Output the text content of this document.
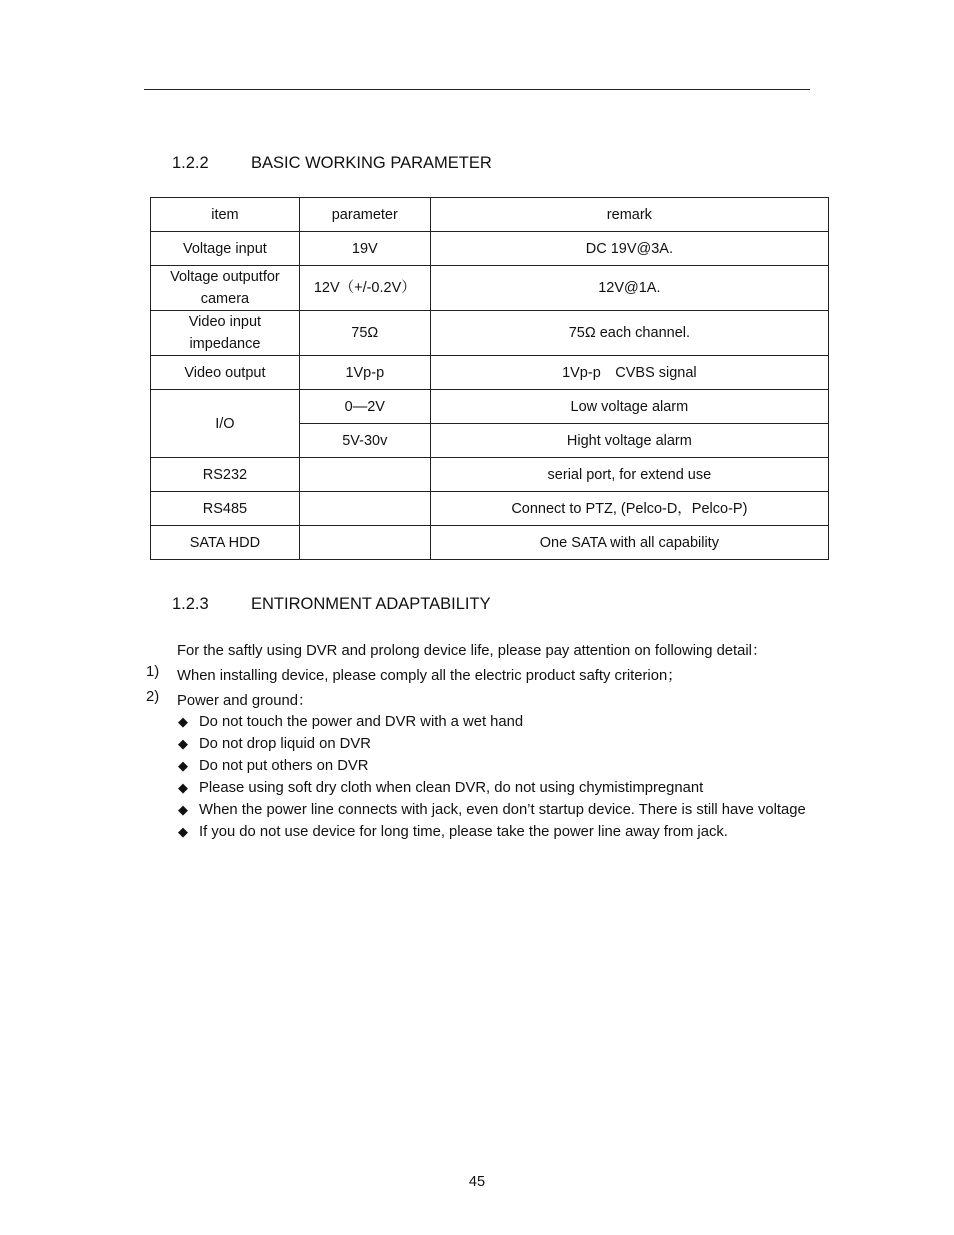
1.2.2	BASIC WORKING PARAMETER
item	parameter	remark
Voltage input	19V	DC 19V@3A.
Voltage outputfor camera	12V（+/-0.2V）	12V@1A.
Video input impedance	75Ω	75Ω each channel.
Video output	1Vp-p	1Vp-p　CVBS signal
I/O	0—2V	Low voltage alarm
	5V-30v	Hight voltage alarm
RS232		serial port, for extend use
RS485		Connect to PTZ, (Pelco-D，Pelco-P)
SATA HDD		One SATA with all capability
1.2.3	ENTIRONMENT ADAPTABILITY
For the saftly using DVR and prolong device life, please pay attention on following detail：
1) When installing device, please comply all the electric product safty criterion；
2) Power and ground：
◆ Do not touch the power and DVR with a wet hand
◆ Do not drop liquid on DVR
◆ Do not put others on DVR
◆ Please using soft dry cloth when clean DVR, do not using chymistimpregnant
◆ When the power line connects with jack, even don’t startup device. There is still have voltage
◆ If you do not use device for long time, please take the power line away from jack.
45
